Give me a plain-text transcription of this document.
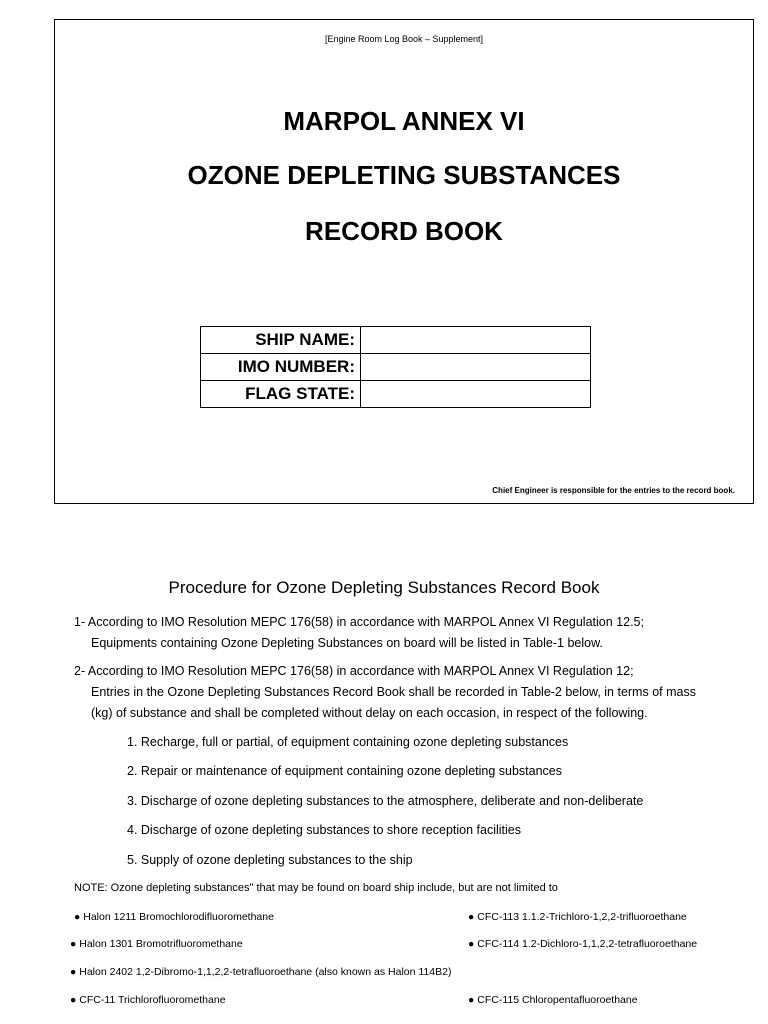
[Engine Room Log Book – Supplement]
MARPOL ANNEX VI
OZONE DEPLETING SUBSTANCES
RECORD BOOK
SHIP NAME:	
IMO NUMBER:	
FLAG STATE:	
Chief Engineer is responsible for the entries to the record book.
Procedure for Ozone Depleting Substances Record Book
1- According to IMO Resolution MEPC 176(58) in accordance with MARPOL Annex VI Regulation 12.5;
Equipments containing Ozone Depleting Substances on board will be listed in Table-1 below.
2- According to IMO Resolution MEPC 176(58) in accordance with MARPOL Annex VI Regulation 12;
Entries in the Ozone Depleting Substances Record Book shall be recorded in Table-2 below, in terms of mass
(kg) of substance and shall be completed without delay on each occasion, in respect of the following.
1. Recharge, full or partial, of equipment containing ozone depleting substances
2. Repair or maintenance of equipment containing ozone depleting substances
3. Discharge of ozone depleting substances to the atmosphere, deliberate and non-deliberate
4. Discharge of ozone depleting substances to shore reception facilities
5. Supply of ozone depleting substances to the ship
NOTE: Ozone depleting substances" that may be found on board ship include, but are not limited to
● Halon 1211 Bromochlorodifluoromethane
● Halon 1301 Bromotrifluoromethane
● Halon 2402 1,2-Dibromo-1,1,2,2-tetrafluoroethane (also known as Halon 114B2)
● CFC-11 Trichlorofluoromethane
● CFC-113 1.1.2-Trichloro-1,2,2-trifluoroethane
● CFC-114 1.2-Dichloro-1,1,2,2-tetrafluoroethane
● CFC-115 Chloropentafluoroethane
